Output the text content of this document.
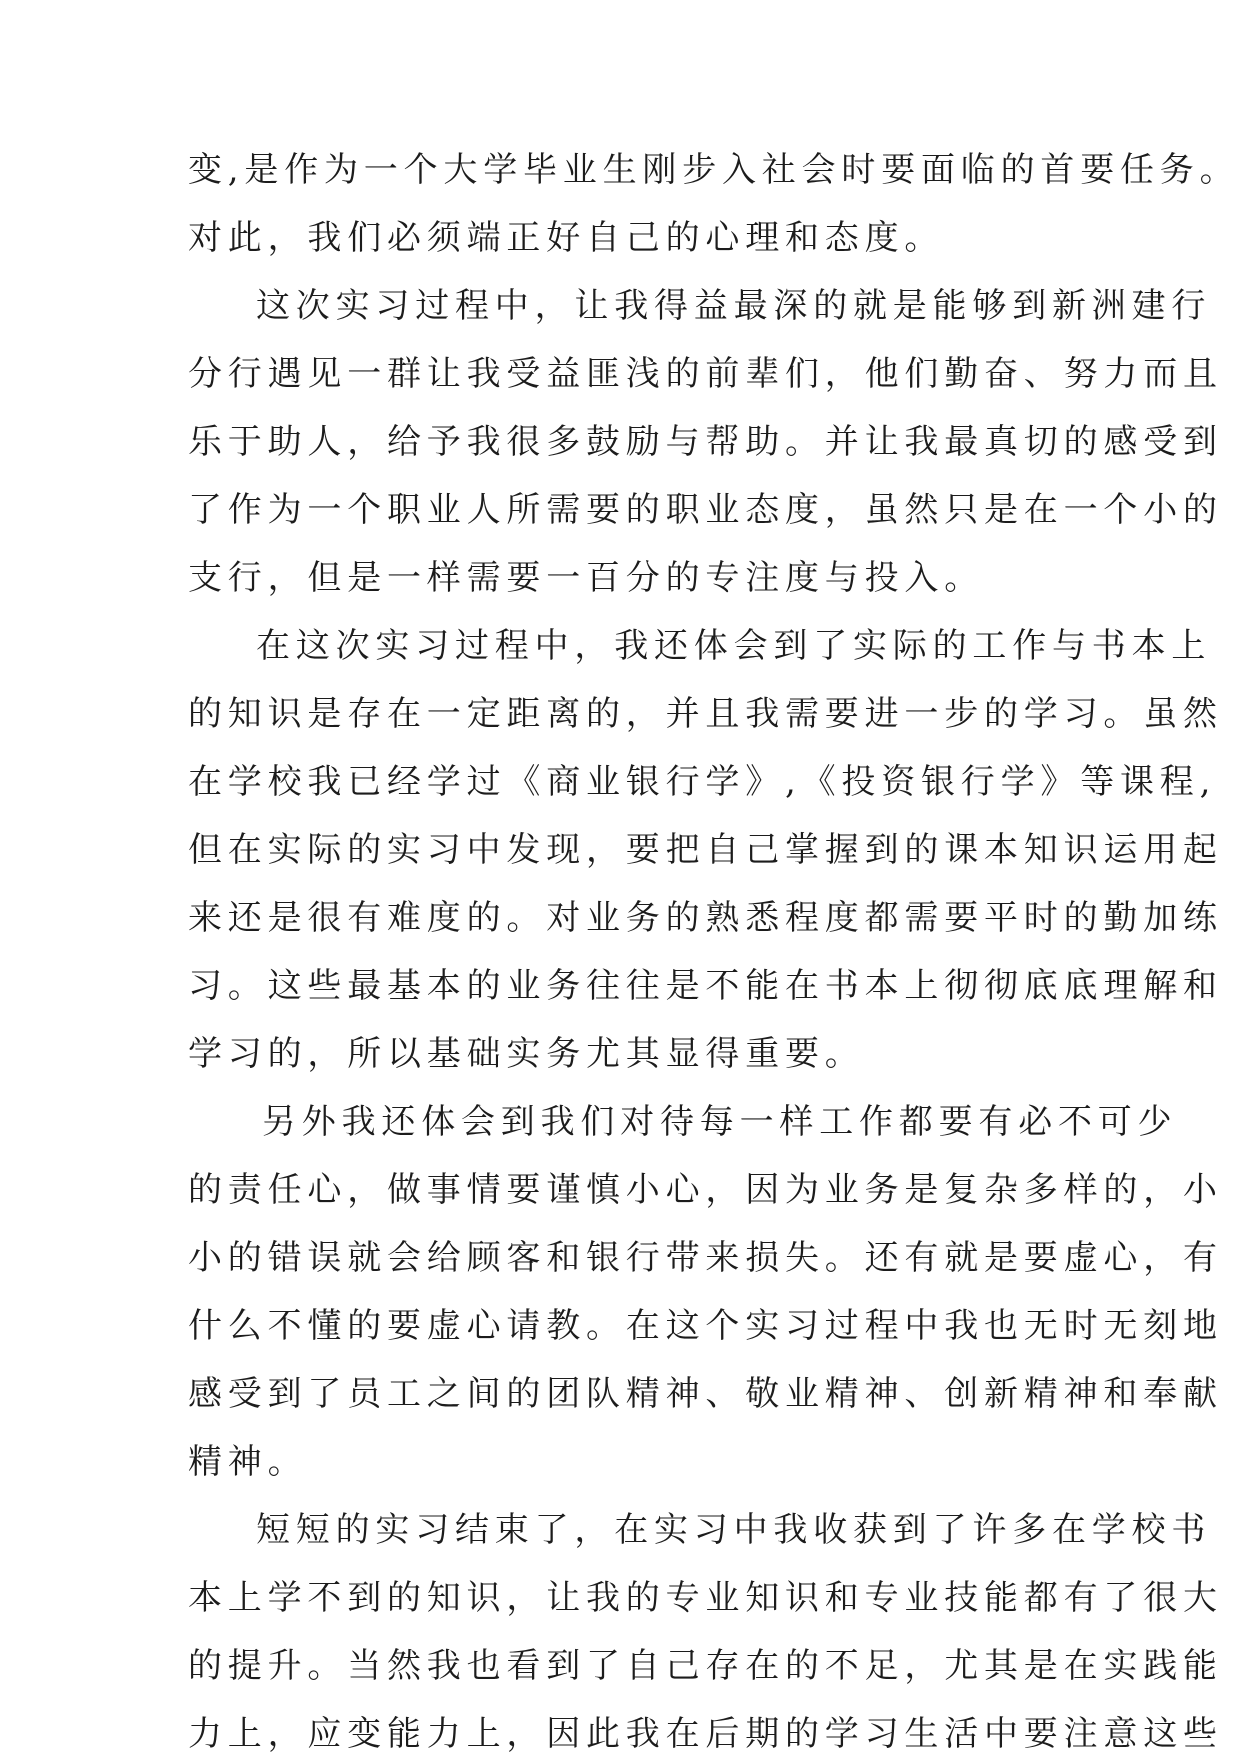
变,是作为一个大学毕业生刚步入社会时要面临的首要任务。

对此，我们必须端正好自己的心理和态度。

这次实习过程中，让我得益最深的就是能够到新洲建行

分行遇见一群让我受益匪浅的前辈们，他们勤奋、努力而且

乐于助人，给予我很多鼓励与帮助。并让我最真切的感受到

了作为一个职业人所需要的职业态度，虽然只是在一个小的

支行，但是一样需要一百分的专注度与投入。

在这次实习过程中，我还体会到了实际的工作与书本上

的知识是存在一定距离的，并且我需要进一步的学习。虽然

在学校我已经学过《商业银行学》,《投资银行学》等课程,

但在实际的实习中发现，要把自己掌握到的课本知识运用起

来还是很有难度的。对业务的熟悉程度都需要平时的勤加练

习。这些最基本的业务往往是不能在书本上彻彻底底理解和

学习的，所以基础实务尤其显得重要。

另外我还体会到我们对待每一样工作都要有必不可少

的责任心，做事情要谨慎小心，因为业务是复杂多样的，小

小的错误就会给顾客和银行带来损失。还有就是要虚心，有

什么不懂的要虚心请教。在这个实习过程中我也无时无刻地

感受到了员工之间的团队精神、敬业精神、创新精神和奉献

精神。

短短的实习结束了，在实习中我收获到了许多在学校书

本上学不到的知识，让我的专业知识和专业技能都有了很大

的提升。当然我也看到了自己存在的不足，尤其是在实践能

力上，应变能力上，因此我在后期的学习生活中要注意这些
